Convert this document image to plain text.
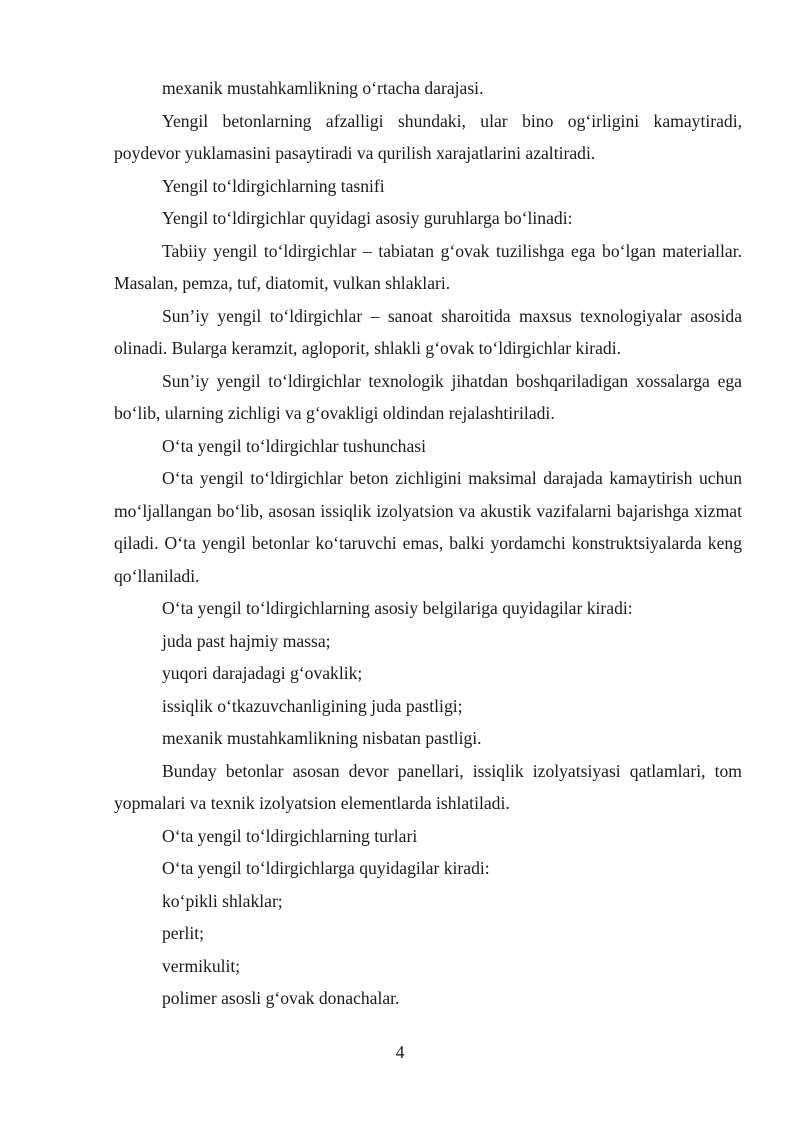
mexanik mustahkamlikning o‘rtacha darajasi.

Yengil betonlarning afzalligi shundaki, ular bino og‘irligini kamaytiradi, poydevor yuklamasini pasaytiradi va qurilish xarajatlarini azaltiradi.

Yengil to‘ldirgichlarning tasnifi

Yengil to‘ldirgichlar quyidagi asosiy guruhlarga bo‘linadi:

Tabiiy yengil to‘ldirgichlar – tabiatan g‘ovak tuzilishga ega bo‘lgan materiallar. Masalan, pemza, tuf, diatomit, vulkan shlaklari.

Sun’iy yengil to‘ldirgichlar – sanoat sharoitida maxsus texnologiyalar asosida olinadi. Bularga keramzit, agloporit, shlakli g‘ovak to‘ldirgichlar kiradi.

Sun’iy yengil to‘ldirgichlar texnologik jihatdan boshqariladigan xossalarga ega bo‘lib, ularning zichligi va g‘ovakligi oldindan rejalashtiriladi.

O‘ta yengil to‘ldirgichlar tushunchasi

O‘ta yengil to‘ldirgichlar beton zichligini maksimal darajada kamaytirish uchun mo‘ljallangan bo‘lib, asosan issiqlik izolyatsion va akustik vazifalarni bajarishga xizmat qiladi. O‘ta yengil betonlar ko‘taruvchi emas, balki yordamchi konstruktsiyalarda keng qo‘llaniladi.

O‘ta yengil to‘ldirgichlarning asosiy belgilariga quyidagilar kiradi:

juda past hajmiy massa;

yuqori darajadagi g‘ovaklik;

issiqlik o‘tkazuvchanligining juda pastligi;

mexanik mustahkamlikning nisbatan pastligi.

Bunday betonlar asosan devor panellari, issiqlik izolyatsiyasi qatlamlari, tom yopmalari va texnik izolyatsion elementlarda ishlatiladi.

O‘ta yengil to‘ldirgichlarning turlari

O‘ta yengil to‘ldirgichlarga quyidagilar kiradi:

ko‘pikli shlaklar;

perlit;

vermikulit;

polimer asosli g‘ovak donachalar.

4
